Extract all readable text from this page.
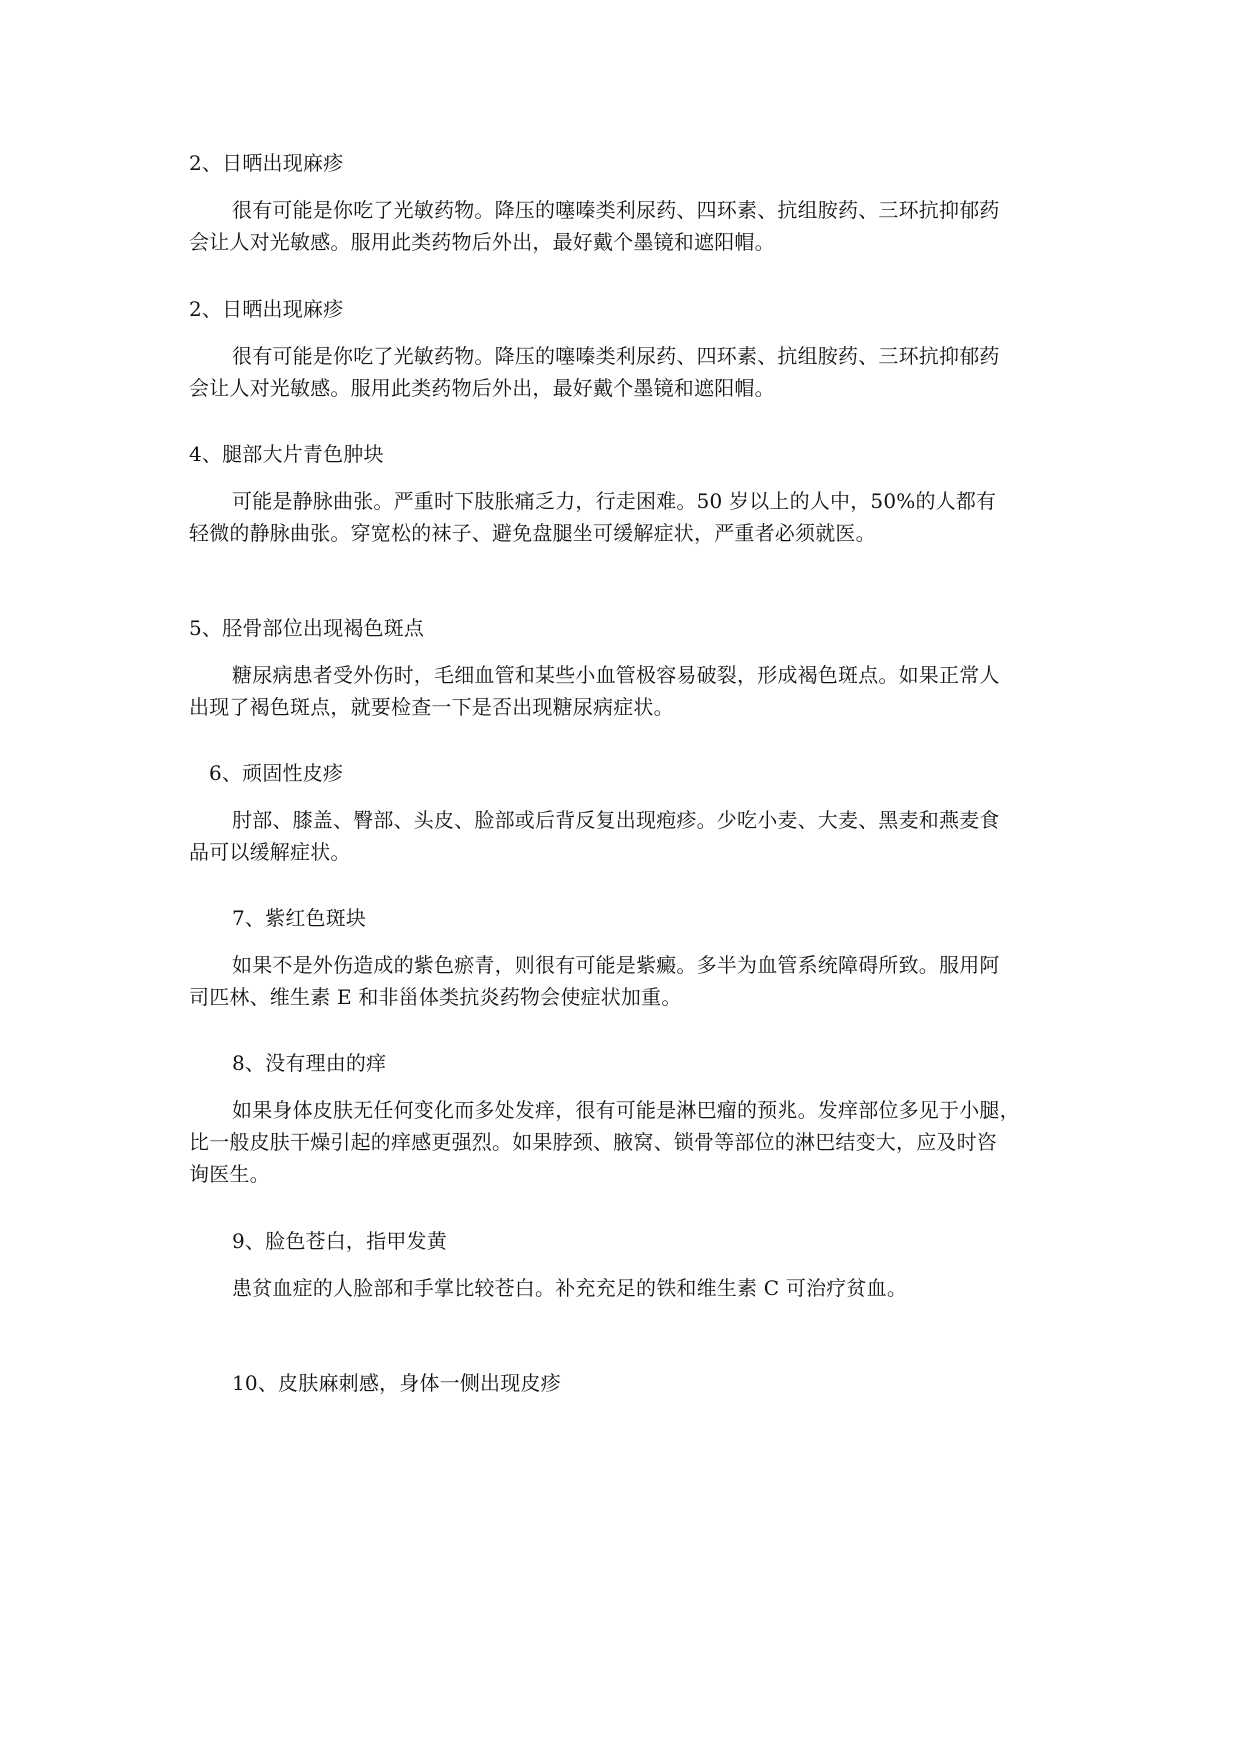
2、日晒出现麻疹
很有可能是你吃了光敏药物。降压的噻嗪类利尿药、四环素、抗组胺药、三环抗抑郁药
会让人对光敏感。服用此类药物后外出，最好戴个墨镜和遮阳帽。
2、日晒出现麻疹
很有可能是你吃了光敏药物。降压的噻嗪类利尿药、四环素、抗组胺药、三环抗抑郁药
会让人对光敏感。服用此类药物后外出，最好戴个墨镜和遮阳帽。
4、腿部大片青色肿块
可能是静脉曲张。严重时下肢胀痛乏力，行走困难。50 岁以上的人中，50%的人都有
轻微的静脉曲张。穿宽松的袜子、避免盘腿坐可缓解症状，严重者必须就医。
5、胫骨部位出现褐色斑点
糖尿病患者受外伤时，毛细血管和某些小血管极容易破裂，形成褐色斑点。如果正常人
出现了褐色斑点，就要检查一下是否出现糖尿病症状。
6、顽固性皮疹
肘部、膝盖、臀部、头皮、脸部或后背反复出现疱疹。少吃小麦、大麦、黑麦和燕麦食
品可以缓解症状。
7、紫红色斑块
如果不是外伤造成的紫色瘀青，则很有可能是紫癜。多半为血管系统障碍所致。服用阿
司匹林、维生素 E 和非甾体类抗炎药物会使症状加重。
8、没有理由的痒
如果身体皮肤无任何变化而多处发痒，很有可能是淋巴瘤的预兆。发痒部位多见于小腿，
比一般皮肤干燥引起的痒感更强烈。如果脖颈、腋窝、锁骨等部位的淋巴结变大，应及时咨
询医生。
9、脸色苍白，指甲发黄
患贫血症的人脸部和手掌比较苍白。补充充足的铁和维生素 C 可治疗贫血。
10、皮肤麻刺感，身体一侧出现皮疹
